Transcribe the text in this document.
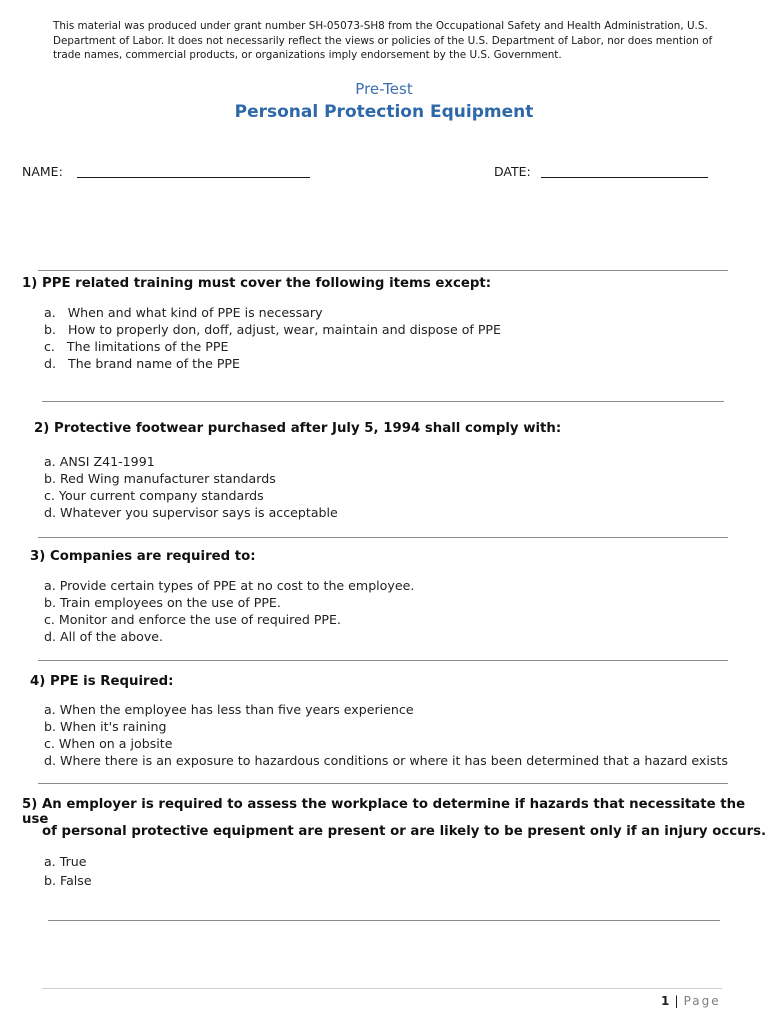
This material was produced under grant number SH-05073-SH8 from the Occupational Safety and Health Administration, U.S. Department of Labor. It does not necessarily reflect the views or policies of the U.S. Department of Labor, nor does mention of trade names, commercial products, or organizations imply endorsement by the U.S. Government.
Pre-Test
Personal Protection Equipment
NAME:	DATE:
1) PPE related training must cover the following items except:
a.   When and what kind of PPE is necessary
b.   How to properly don, doff, adjust, wear, maintain and dispose of PPE
c.   The limitations of the PPE
d.   The brand name of the PPE
2) Protective footwear purchased after July 5, 1994 shall comply with:
a. ANSI Z41-1991
b. Red Wing manufacturer standards
c. Your current company standards
d. Whatever you supervisor says is acceptable
3) Companies are required to:
a. Provide certain types of PPE at no cost to the employee.
b. Train employees on the use of PPE.
c. Monitor and enforce the use of required PPE.
d. All of the above.
4) PPE is Required:
a. When the employee has less than five years experience
b. When it's raining
c. When on a jobsite
d. Where there is an exposure to hazardous conditions or where it has been determined that a hazard exists
5) An employer is required to assess the workplace to determine if hazards that necessitate the use
of personal protective equipment are present or are likely to be present only if an injury occurs.
a. True
b. False
1 | Page
